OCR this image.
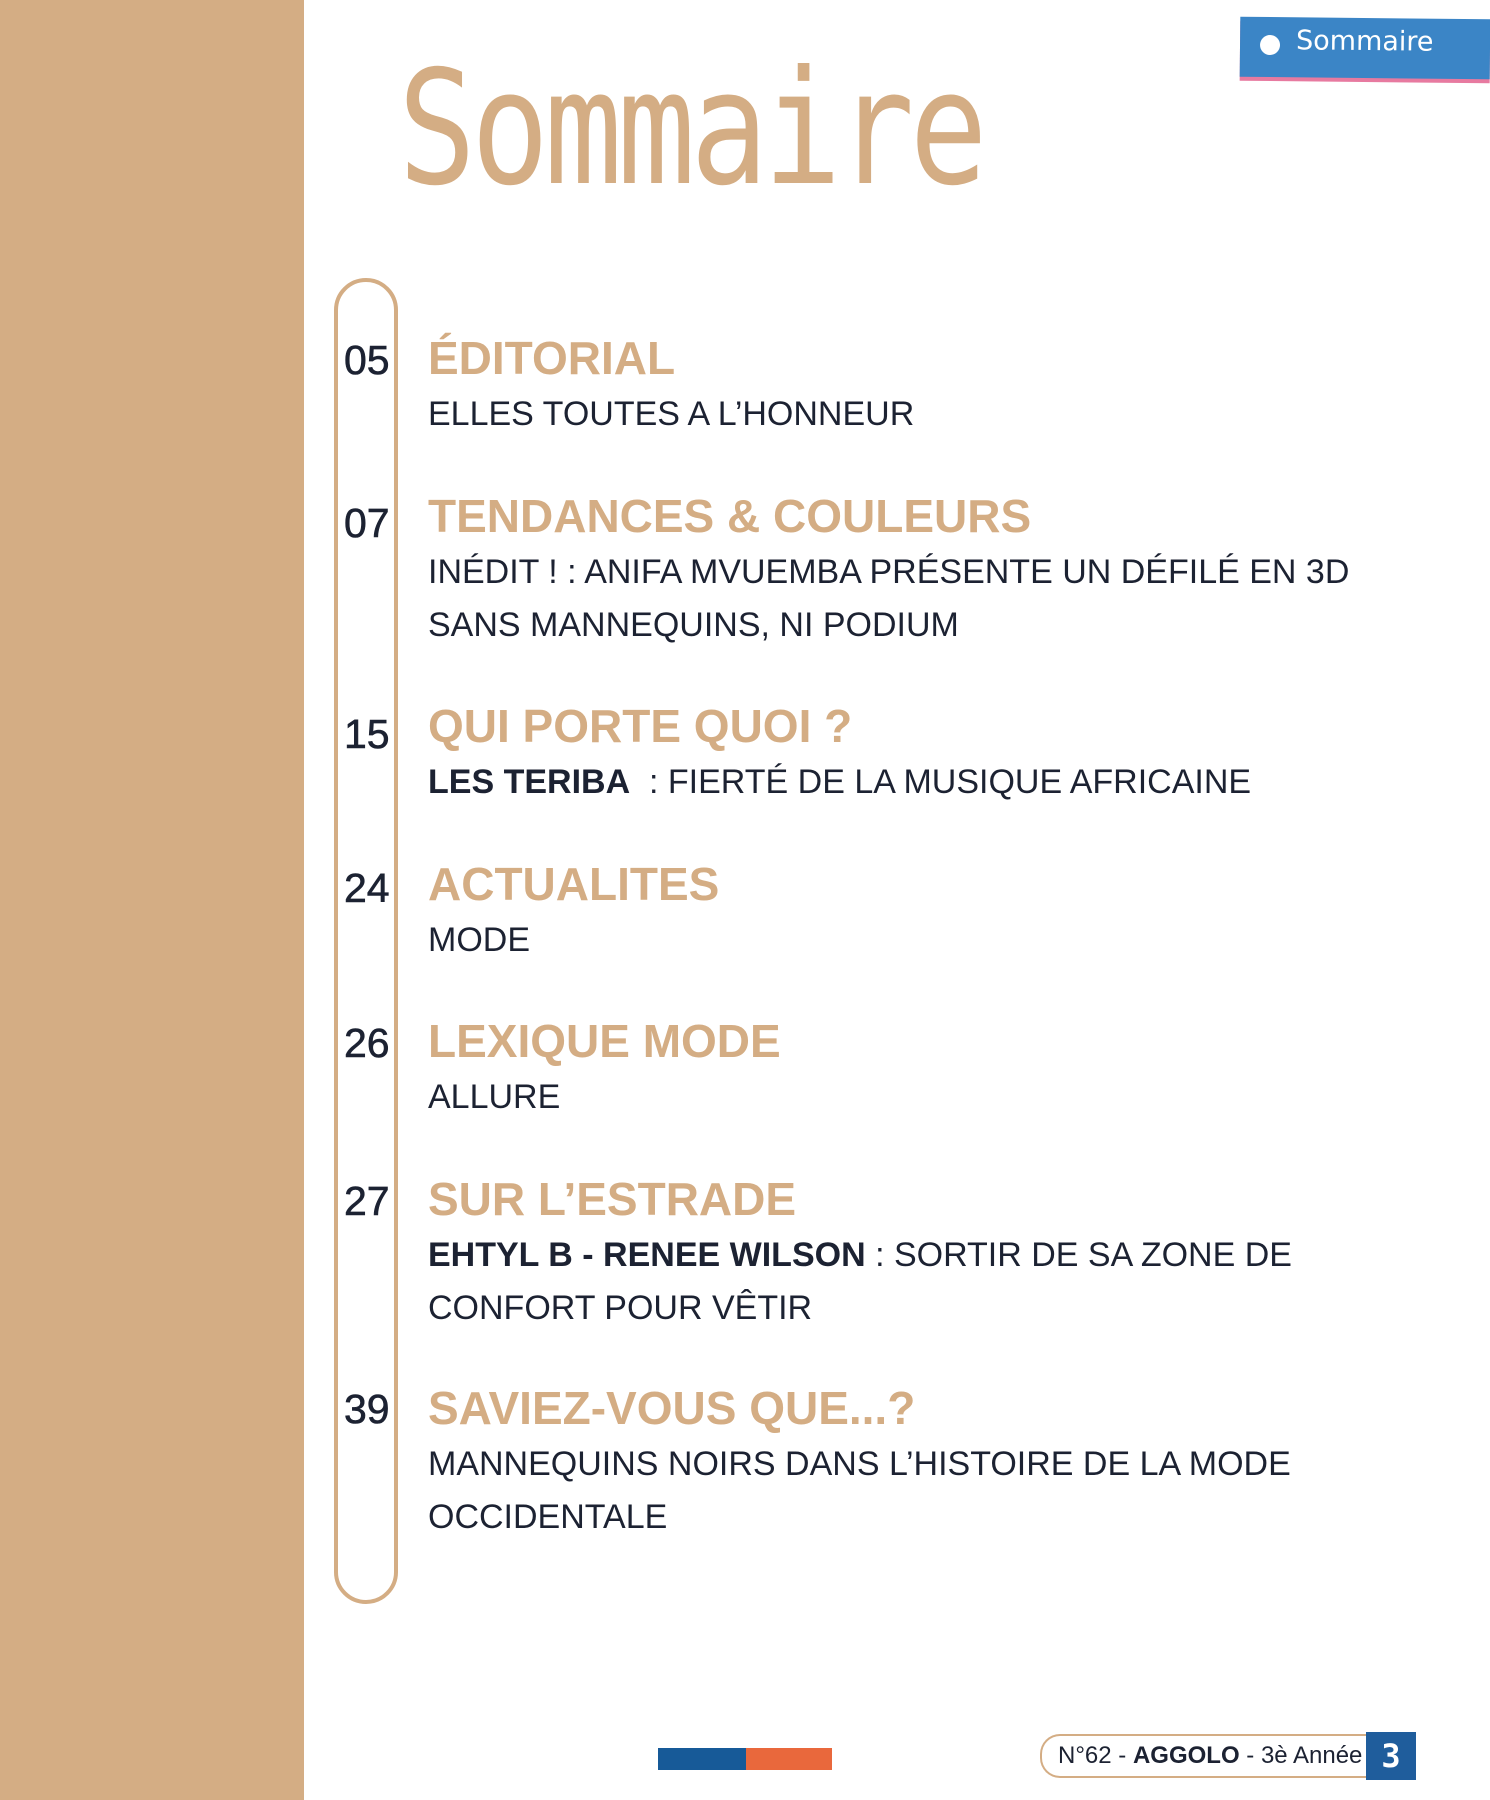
Sommaire
Sommaire
05 ÉDITORIAL
ELLES TOUTES A L’HONNEUR
07 TENDANCES & COULEURS
INÉDIT ! : ANIFA MVUEMBA PRÉSENTE UN DÉFILÉ EN 3D
SANS MANNEQUINS, NI PODIUM
15 QUI PORTE QUOI ?
LES TERIBA  : FIERTÉ DE LA MUSIQUE AFRICAINE
24 ACTUALITES
MODE
26 LEXIQUE MODE
ALLURE
27 SUR L’ESTRADE
EHTYL B - RENEE WILSON : SORTIR DE SA ZONE DE
CONFORT POUR VÊTIR
39 SAVIEZ-VOUS QUE...?
MANNEQUINS NOIRS DANS L’HISTOIRE DE LA MODE
OCCIDENTALE
N°62 - AGGOLO - 3è Année 3
